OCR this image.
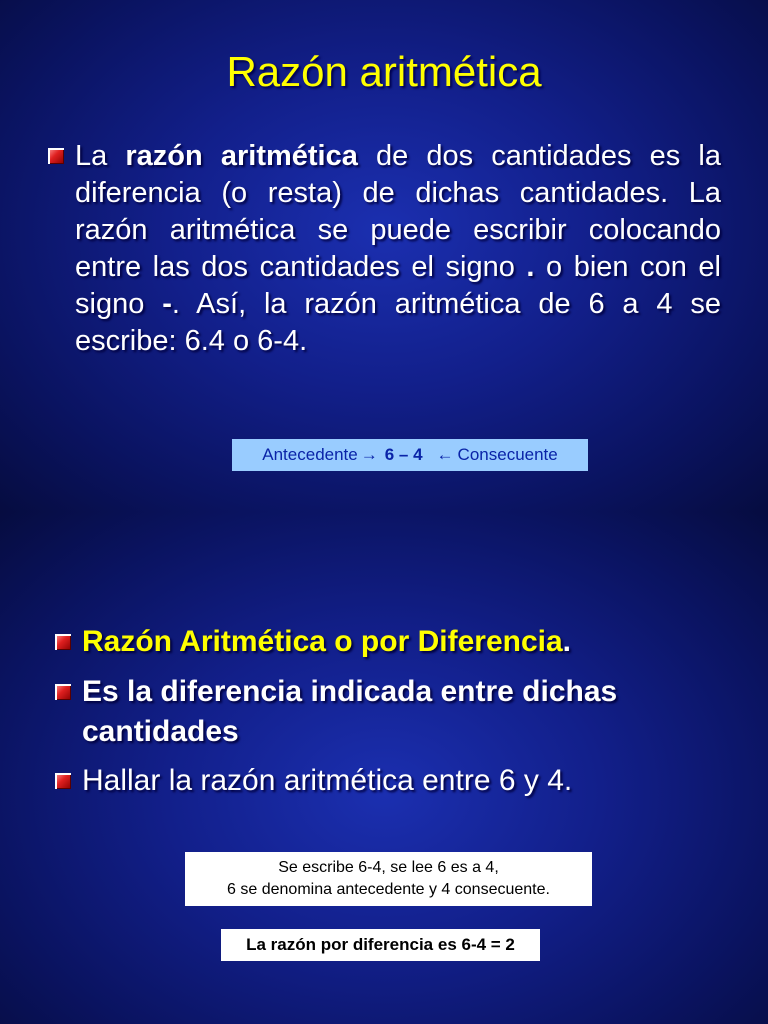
Razón aritmética
La razón aritmética de dos cantidades es la diferencia (o resta) de dichas cantidades. La razón aritmética se puede escribir colocando entre las dos cantidades el signo . o bien con el signo -. Así, la razón aritmética de 6 a 4 se escribe: 6.4 o 6-4.
Antecedente → 6 – 4 ← Consecuente
Razón Aritmética o por Diferencia.
Es la diferencia indicada entre dichas cantidades
Hallar la razón aritmética entre 6 y 4.
Se escribe 6-4, se lee 6 es a 4,
6 se denomina antecedente y 4 consecuente.
La razón por diferencia es 6-4 = 2
